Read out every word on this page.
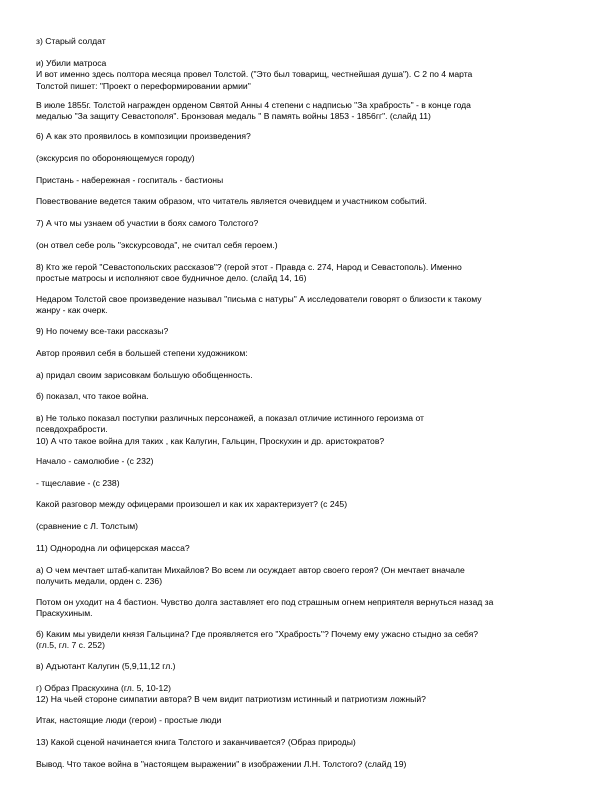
з) Старый солдат
и) Убили матроса
И вот именно здесь полтора месяца провел Толстой. ("Это был товарищ, честнейшая душа"). С 2 по 4 марта
Толстой пишет: "Проект о переформировании армии"
В июле 1855г. Толстой награжден орденом Святой Анны 4 степени с надписью "За храбрость" - в конце года
медалью "За защиту Севастополя". Бронзовая медаль " В память войны 1853 - 1856гг". (слайд 11)
6) А как это проявилось в композиции произведения?
(экскурсия по обороняющемуся городу)
Пристань - набережная - госпиталь - бастионы
Повествование ведется таким образом, что читатель является очевидцем и участником событий.
7) А что мы узнаем об участии в боях самого Толстого?
(он отвел себе роль "экскурсовода", не считал себя героем.)
8) Кто же герой "Севастопольских рассказов"? (герой этот - Правда с. 274, Народ и Севастополь). Именно
простые матросы и исполняют свое будничное дело. (слайд 14, 16)
Недаром Толстой свое произведение называл "письма с натуры" А исследователи говорят о близости к такому
жанру - как очерк.
9) Но почему все-таки рассказы?
Автор проявил себя в большей степени художником:
а) придал своим зарисовкам большую обобщенность.
б) показал, что такое война.
в) Не только показал поступки различных персонажей, а показал отличие истинного героизма от
псевдохрабрости.
10) А что такое война для таких , как Калугин, Гальцин, Проскухин и др. аристократов?
Начало - самолюбие - (с 232)
- тщеславие - (с 238)
Какой разговор между офицерами произошел и как их характеризует? (с 245)
(сравнение с Л. Толстым)
11) Однородна ли офицерская масса?
а) О чем мечтает штаб-капитан Михайлов? Во всем ли осуждает автор своего героя? (Он мечтает вначале
получить медали, орден с. 236)
Потом он уходит на 4 бастион. Чувство долга заставляет его под страшным огнем неприятеля вернуться назад за
Праскухиным.
б) Каким мы увидели князя Гальцина? Где проявляется его "Храбрость"? Почему ему ужасно стыдно за себя?
(гл.5, гл. 7 с. 252)
в) Адъютант Калугин (5,9,11,12 гл.)
г) Образ Праскухина (гл. 5, 10-12)
12) На чьей стороне симпатии автора? В чем видит патриотизм истинный и патриотизм ложный?
Итак, настоящие люди (герои) - простые люди
13) Какой сценой начинается книга Толстого и заканчивается? (Образ природы)
Вывод. Что такое война в "настоящем выражении" в изображении Л.Н. Толстого? (слайд 19)
